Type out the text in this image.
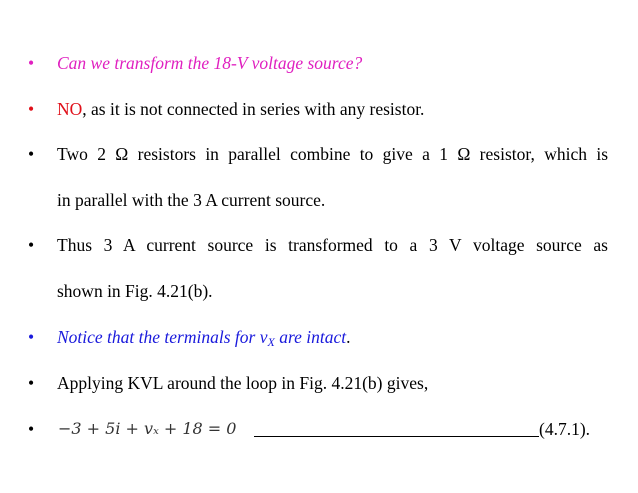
•	Can we transform the 18-V voltage source?
•	NO, as it is not connected in series with any resistor.
•	Two 2 Ω resistors in parallel combine to give a 1 Ω resistor, which is
in parallel with the 3 A current source.
•	Thus 3 A current source is transformed to a 3 V voltage source as
shown in Fig. 4.21(b).
•	Notice that the terminals for $v_X$ are intact.
•	Applying KVL around the loop in Fig. 4.21(b) gives,
•	−3 + 5i + vₓ + 18 = 0	(4.7.1).
